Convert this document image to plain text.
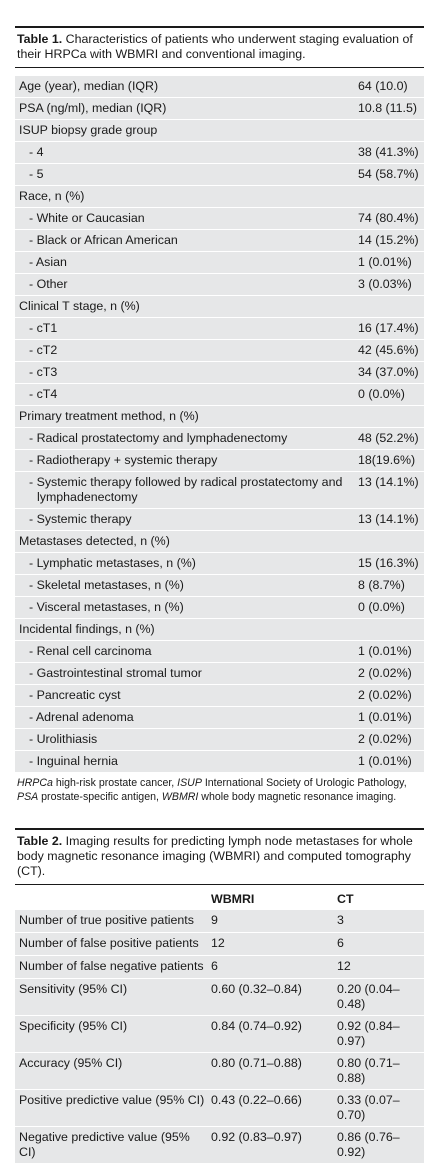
Table 1. Characteristics of patients who underwent staging evaluation of their HRPCa with WBMRI and conventional imaging.
Age (year), median (IQR)	64 (10.0)
PSA (ng/ml), median (IQR)	10.8 (11.5)
ISUP biopsy grade group
- 4	38 (41.3%)
- 5	54 (58.7%)
Race, n (%)
- White or Caucasian	74 (80.4%)
- Black or African American	14 (15.2%)
- Asian	1 (0.01%)
- Other	3 (0.03%)
Clinical T stage, n (%)
- cT1	16 (17.4%)
- cT2	42 (45.6%)
- cT3	34 (37.0%)
- cT4	0 (0.0%)
Primary treatment method, n (%)
- Radical prostatectomy and lymphadenectomy	48 (52.2%)
- Radiotherapy + systemic therapy	18(19.6%)
- Systemic therapy followed by radical prostatectomy and lymphadenectomy
13 (14.1%)
- Systemic therapy	13 (14.1%)
Metastases detected, n (%)
- Lymphatic metastases, n (%)	15 (16.3%)
- Skeletal metastases, n (%)	8 (8.7%)
- Visceral metastases, n (%)	0 (0.0%)
Incidental findings, n (%)
- Renal cell carcinoma	1 (0.01%)
- Gastrointestinal stromal tumor	2 (0.02%)
- Pancreatic cyst	2 (0.02%)
- Adrenal adenoma	1 (0.01%)
- Urolithiasis	2 (0.02%)
- Inguinal hernia	1 (0.01%)
HRPCa high-risk prostate cancer, ISUP International Society of Urologic Pathology, PSA prostate-specific antigen, WBMRI whole body magnetic resonance imaging.
Table 2. Imaging results for predicting lymph node metastases for whole body magnetic resonance imaging (WBMRI) and computed tomography (CT).
WBMRI	CT
Number of true positive patients	9	3
Number of false positive patients 12	6
Number of false negative patients 6	12
Sensitivity (95% CI)	0.60 (0.32–0.84)	0.20 (0.04–0.48)
Specificity (95% CI)	0.84 (0.74–0.92)	0.92 (0.84–0.97)
Accuracy (95% CI)	0.80 (0.71–0.88)	0.80 (0.71–0.88)
Positive predictive value (95% CI) 0.43 (0.22–0.66)	0.33 (0.07–0.70)
Negative predictive value (95% CI)
0.92 (0.83–0.97)	0.86 (0.76–0.92)
